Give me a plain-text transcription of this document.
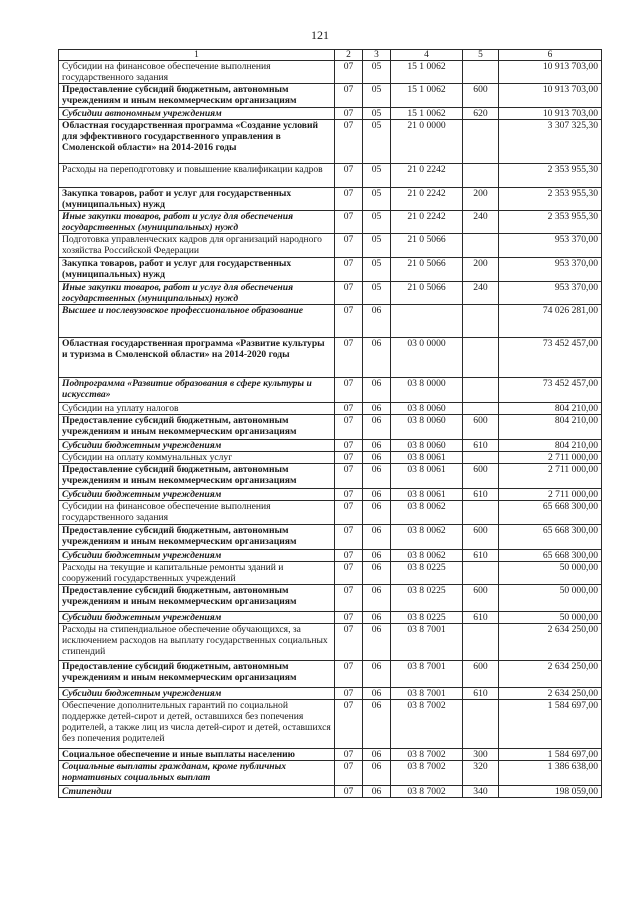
121
1	2	3	4	5	6
Субсидии на финансовое обеспечение выполнения государственного задания	07	05	15 1 0062		10 913 703,00
Предоставление субсидий бюджетным, автономным учреждениям и иным некоммерческим организациям	07	05	15 1 0062	600	10 913 703,00
Субсидии автономным учреждениям	07	05	15 1 0062	620	10 913 703,00
Областная государственная программа «Создание условий для эффективного государственного управления в Смоленской области» на 2014-2016 годы	07	05	21 0 0000		3 307 325,30
Расходы на переподготовку и повышение квалификации кадров	07	05	21 0 2242		2 353 955,30
Закупка товаров, работ и услуг для государственных (муниципальных) нужд	07	05	21 0 2242	200	2 353 955,30
Иные закупки товаров, работ и услуг для обеспечения государственных (муниципальных) нужд	07	05	21 0 2242	240	2 353 955,30
Подготовка управленческих кадров для организаций народного хозяйства Российской Федерации	07	05	21 0 5066		953 370,00
Закупка товаров, работ и услуг для государственных (муниципальных) нужд	07	05	21 0 5066	200	953 370,00
Иные закупки товаров, работ и услуг для обеспечения государственных (муниципальных) нужд	07	05	21 0 5066	240	953 370,00
Высшее и послевузовское профессиональное образование	07	06			74 026 281,00
Областная государственная программа «Развитие культуры и туризма в Смоленской области» на 2014-2020 годы	07	06	03 0 0000		73 452 457,00
Подпрограмма «Развитие образования в сфере культуры и искусства»	07	06	03 8 0000		73 452 457,00
Субсидии на уплату налогов	07	06	03 8 0060		804 210,00
Предоставление субсидий бюджетным, автономным учреждениям и иным некоммерческим организациям	07	06	03 8 0060	600	804 210,00
Субсидии бюджетным учреждениям	07	06	03 8 0060	610	804 210,00
Субсидии на оплату коммунальных услуг	07	06	03 8 0061		2 711 000,00
Предоставление субсидий бюджетным, автономным учреждениям и иным некоммерческим организациям	07	06	03 8 0061	600	2 711 000,00
Субсидии бюджетным учреждениям	07	06	03 8 0061	610	2 711 000,00
Субсидии на финансовое обеспечение выполнения государственного задания	07	06	03 8 0062		65 668 300,00
Предоставление субсидий бюджетным, автономным учреждениям и иным некоммерческим организациям	07	06	03 8 0062	600	65 668 300,00
Субсидии бюджетным учреждениям	07	06	03 8 0062	610	65 668 300,00
Расходы на текущие и капитальные ремонты зданий и сооружений государственных учреждений	07	06	03 8 0225		50 000,00
Предоставление субсидий бюджетным, автономным учреждениям и иным некоммерческим организациям	07	06	03 8 0225	600	50 000,00
Субсидии бюджетным учреждениям	07	06	03 8 0225	610	50 000,00
Расходы на стипендиальное обеспечение обучающихся, за исключением расходов на выплату государственных социальных стипендий	07	06	03 8 7001		2 634 250,00
Предоставление субсидий бюджетным, автономным учреждениям и иным некоммерческим организациям	07	06	03 8 7001	600	2 634 250,00
Субсидии бюджетным учреждениям	07	06	03 8 7001	610	2 634 250,00
Обеспечение дополнительных гарантий по социальной поддержке детей-сирот и детей, оставшихся без попечения родителей, а также лиц из числа детей-сирот и детей, оставшихся без попечения родителей	07	06	03 8 7002		1 584 697,00
Социальное обеспечение и иные выплаты населению	07	06	03 8 7002	300	1 584 697,00
Социальные выплаты гражданам, кроме публичных нормативных социальных выплат	07	06	03 8 7002	320	1 386 638,00
Стипендии	07	06	03 8 7002	340	198 059,00
